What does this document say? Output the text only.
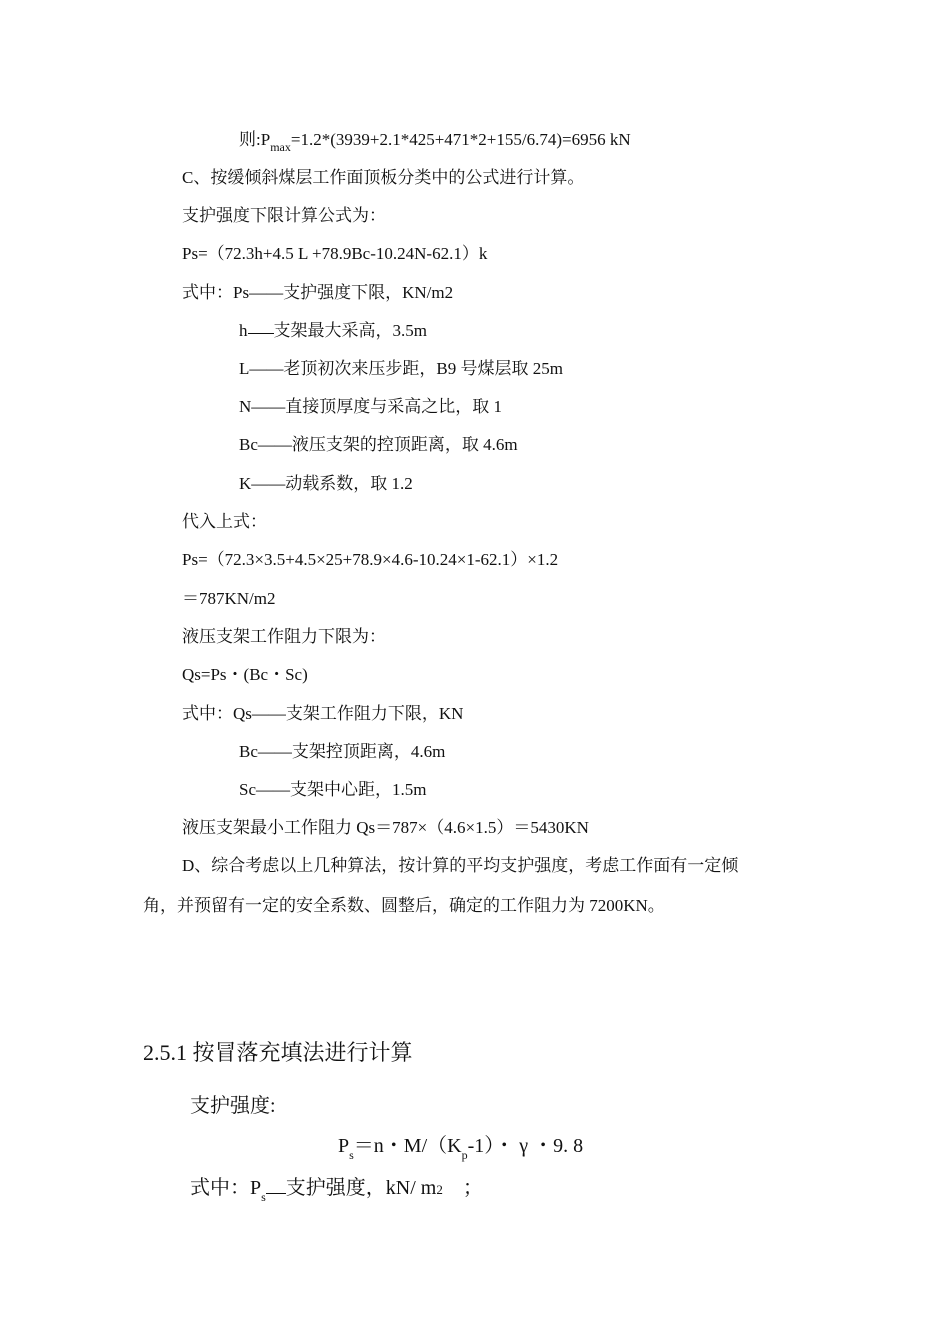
则$:P_{max}=1.2*(3939+2.1*425+471*2+155/6.74)=6956$ kN
C、按缓倾斜煤层工作面顶板分类中的公式进行计算。
支护强度下限计算公式为：
Ps=（72.3h+4.5 L +78.9Bc-10.24N-62.1）k
式中：Ps——支护强度下限，KN/m2
h 支架最大采高，3.5m
L——老顶初次来压步距，B9 号煤层取 25m
N——直接顶厚度与采高之比，取 1
Bc——液压支架的控顶距离，取 4.6m
K——动载系数，取 1.2
代入上式：
Ps=（72.3×3.5+4.5×25+78.9×4.6-10.24×1-62.1）×1.2
＝787KN/m2
液压支架工作阻力下限为：
Qs=Ps・(Bc・Sc)
式中：Qs——支架工作阻力下限，KN
Bc——支架控顶距离，4.6m
Sc——支架中心距，1.5m
液压支架最小工作阻力 Qs＝787×（4.6×1.5）＝5430KN
D、综合考虑以上几种算法，按计算的平均支护强度，考虑工作面有一定倾
角，并预留有一定的安全系数、圆整后，确定的工作阻力为 7200KN。
2.5.1 按冒落充填法进行计算
支护强度:
$P_s=n$・$M/(K_p-1)$・ γ ・9. 8
式中：$P_s$ 支护强度，kN/ m2 ；
